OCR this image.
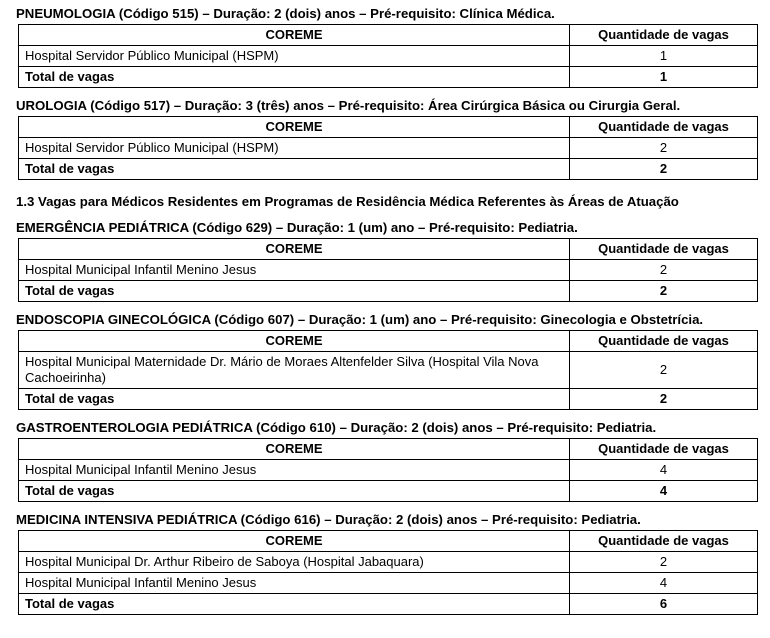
PNEUMOLOGIA (Código 515) – Duração: 2 (dois) anos – Pré-requisito: Clínica Médica.
COREME	Quantidade de vagas
Hospital Servidor Público Municipal (HSPM)	1
Total de vagas	1
UROLOGIA (Código 517) – Duração: 3 (três) anos – Pré-requisito: Área Cirúrgica Básica ou Cirurgia Geral.
COREME	Quantidade de vagas
Hospital Servidor Público Municipal (HSPM)	2
Total de vagas	2
1.3 Vagas para Médicos Residentes em Programas de Residência Médica Referentes às Áreas de Atuação
EMERGÊNCIA PEDIÁTRICA (Código 629) – Duração: 1 (um) ano – Pré-requisito: Pediatria.
COREME	Quantidade de vagas
Hospital Municipal Infantil Menino Jesus	2
Total de vagas	2
ENDOSCOPIA GINECOLÓGICA (Código 607) – Duração: 1 (um) ano – Pré-requisito: Ginecologia e Obstetrícia.
COREME	Quantidade de vagas
Hospital Municipal Maternidade Dr. Mário de Moraes Altenfelder Silva (Hospital Vila Nova Cachoeirinha)	2
Total de vagas	2
GASTROENTEROLOGIA PEDIÁTRICA (Código 610) – Duração: 2 (dois) anos – Pré-requisito: Pediatria.
COREME	Quantidade de vagas
Hospital Municipal Infantil Menino Jesus	4
Total de vagas	4
MEDICINA INTENSIVA PEDIÁTRICA (Código 616) – Duração: 2 (dois) anos – Pré-requisito: Pediatria.
COREME	Quantidade de vagas
Hospital Municipal Dr. Arthur Ribeiro de Saboya (Hospital Jabaquara)	2
Hospital Municipal Infantil Menino Jesus	4
Total de vagas	6
